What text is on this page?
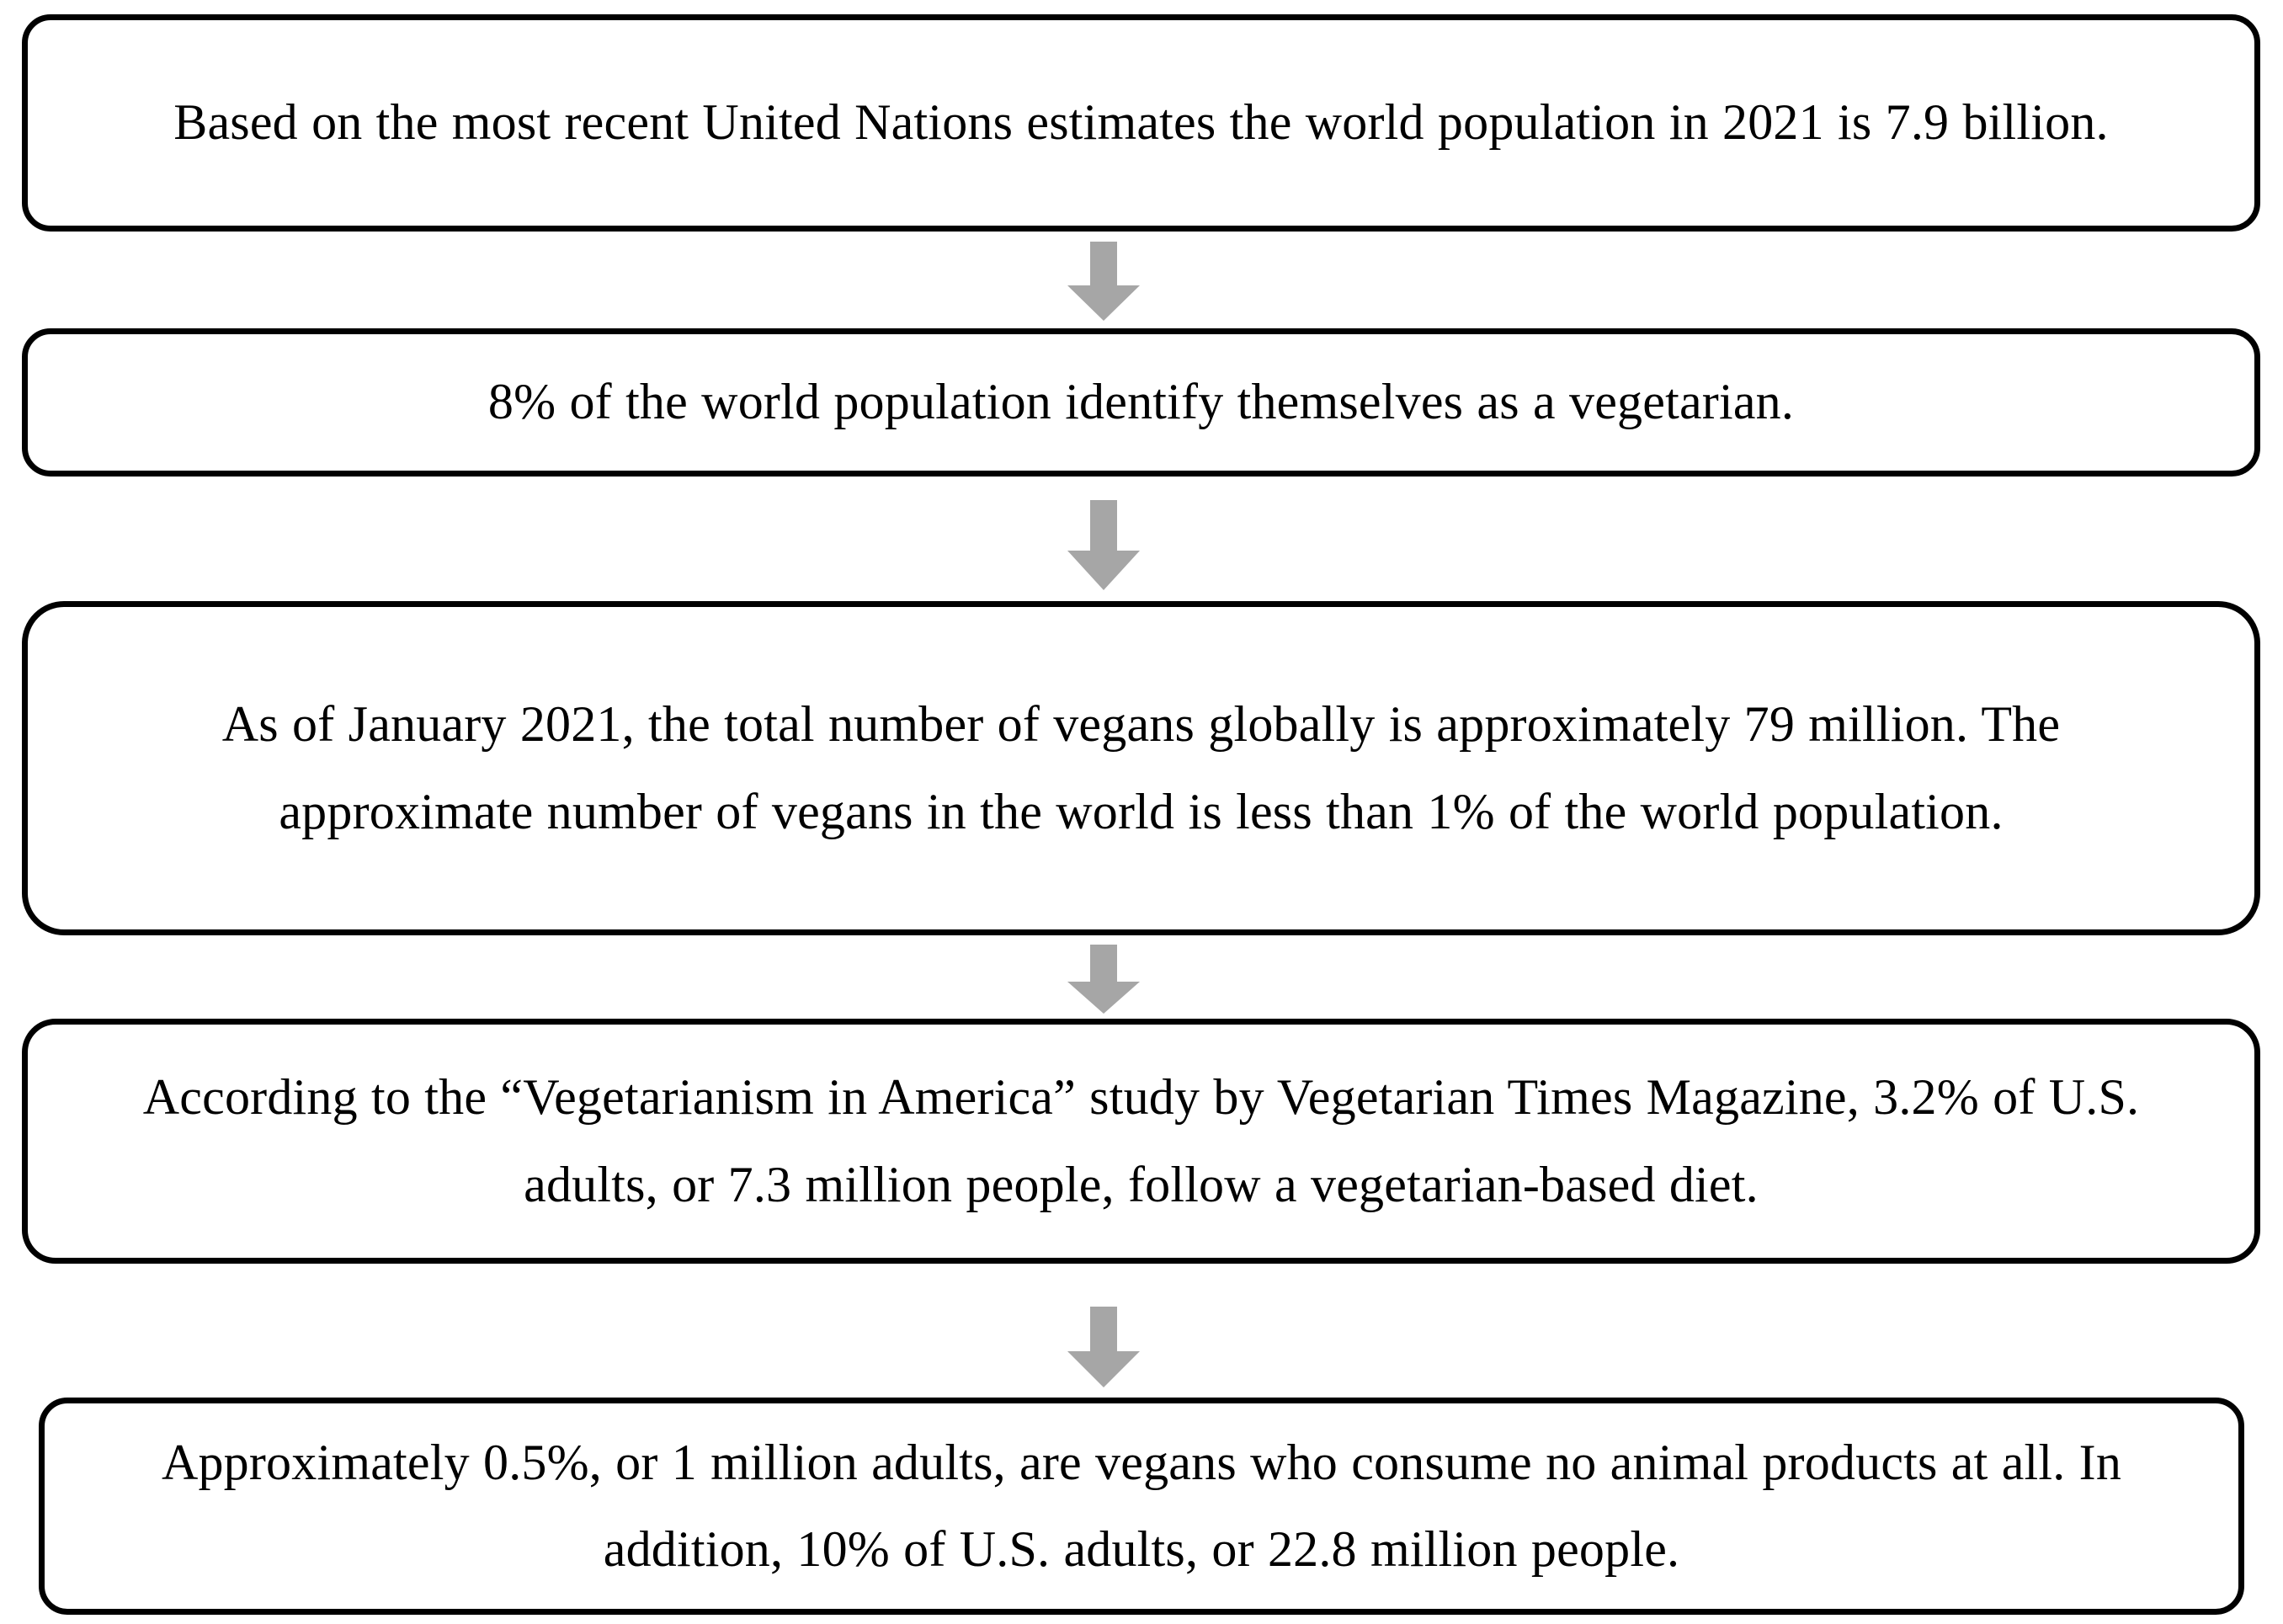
Based on the most recent United Nations estimates the world population in 2021 is 7.9 billion.
8% of the world population identify themselves as a vegetarian.
As of January 2021, the total number of vegans globally is approximately 79 million. The approximate number of vegans in the world is less than 1% of the world population.
According to the “Vegetarianism in America” study by Vegetarian Times Magazine, 3.2% of U.S. adults, or 7.3 million people, follow a vegetarian-based diet.
Approximately 0.5%, or 1 million adults, are vegans who consume no animal products at all. In addition, 10% of U.S. adults, or 22.8 million people.
